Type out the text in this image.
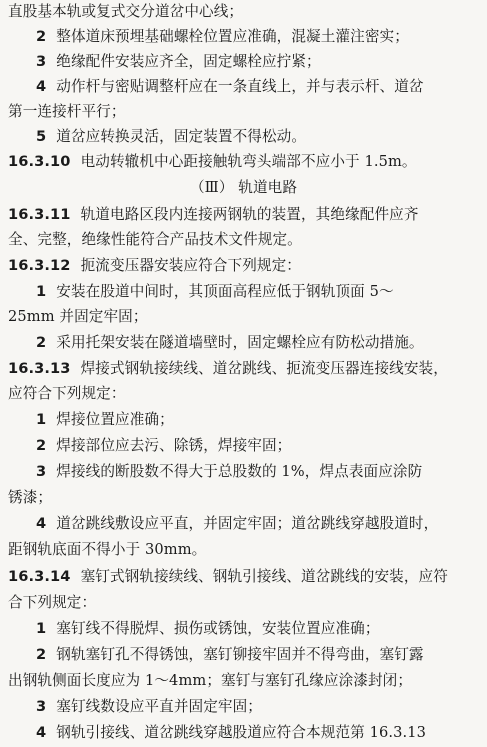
直股基本轨或复式交分道岔中心线；
2 整体道床预埋基础螺栓位置应准确，混凝土灌注密实；
3 绝缘配件安装应齐全，固定螺栓应拧紧；
4 动作杆与密贴调整杆应在一条直线上，并与表示杆、道岔
第一连接杆平行；
5 道岔应转换灵活，固定装置不得松动。
16.3.10 电动转辙机中心距接触轨弯头端部不应小于 1.5m。
（Ⅲ） 轨道电路
16.3.11 轨道电路区段内连接两钢轨的装置，其绝缘配件应齐
全、完整，绝缘性能符合产品技术文件规定。
16.3.12 扼流变压器安装应符合下列规定：
1 安装在股道中间时，其顶面高程应低于钢轨顶面 5～
25mm 并固定牢固；
2 采用托架安装在隧道墙壁时，固定螺栓应有防松动措施。
16.3.13 焊接式钢轨接续线、道岔跳线、扼流变压器连接线安装，
应符合下列规定：
1 焊接位置应准确；
2 焊接部位应去污、除锈，焊接牢固；
3 焊接线的断股数不得大于总股数的 1%，焊点表面应涂防
锈漆；
4 道岔跳线敷设应平直，并固定牢固；道岔跳线穿越股道时，
距钢轨底面不得小于 30mm。
16.3.14 塞钉式钢轨接续线、钢轨引接线、道岔跳线的安装，应符
合下列规定：
1 塞钉线不得脱焊、损伤或锈蚀，安装位置应准确；
2 钢轨塞钉孔不得锈蚀，塞钉铆接牢固并不得弯曲，塞钉露
出钢轨侧面长度应为 1～4mm；塞钉与塞钉孔缘应涂漆封闭；
3 塞钉线数设应平直并固定牢固；
4 钢轨引接线、道岔跳线穿越股道应符合本规范第 16.3.13
